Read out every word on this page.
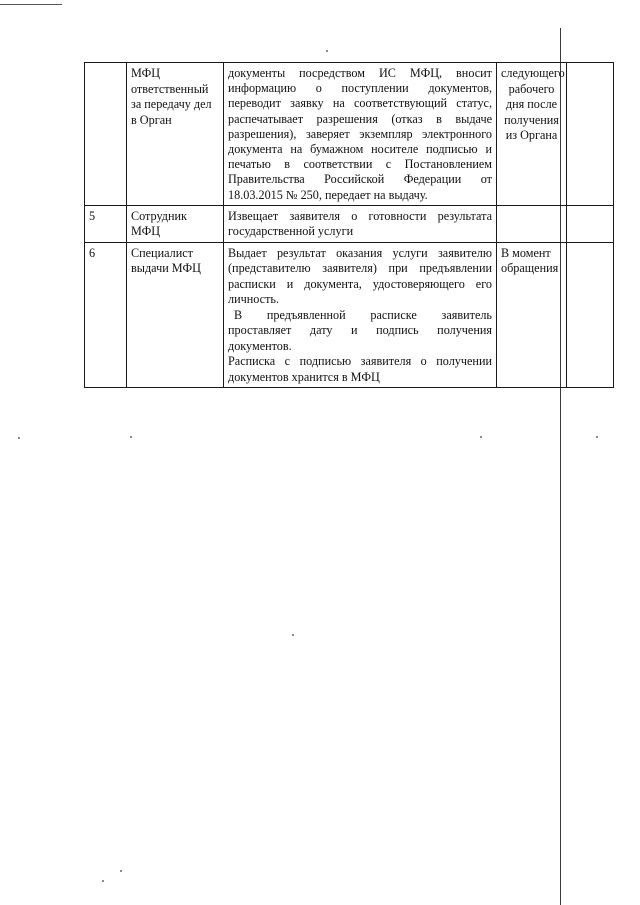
	МФЦ ответственный за передачу дел в Орган	документы посредством ИС МФЦ, вносит информацию о поступлении документов, переводит заявку на соответствующий статус, распечатывает разрешения (отказ в выдаче разрешения), заверяет экземпляр электронного документа на бумажном носителе подписью и печатью в соответствии с Постановлением Правительства Российской Федерации от 18.03.2015 № 250, передает на выдачу.	следующего рабочего дня после получения из Органа	
5	Сотрудник МФЦ	Извещает заявителя о готовности результата государственной услуги		
6	Специалист выдачи МФЦ	Выдает результат оказания услуги заявителю (представителю заявителя) при предъявлении расписки и документа, удостоверяющего его личность.
В предъявленной расписке заявитель проставляет дату и подпись получения документов.
Расписка с подписью заявителя о получении документов хранится в МФЦ	В момент обращения	
